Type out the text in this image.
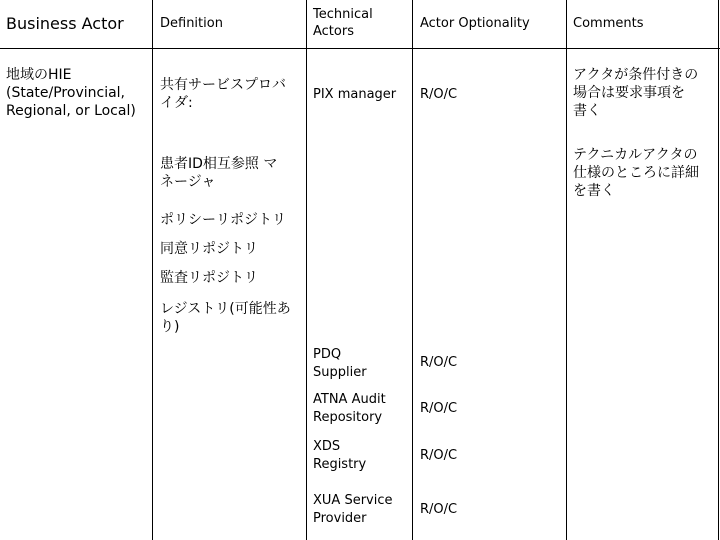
Business Actor	Definition
Technical
Actors
Actor Optionality	Comments
地域のHIE
(State/Provincial,
Regional, or Local)
共有サービスプロバ
イダ:
患者ID相互参照 マ
ネージャ
ポリシーリポジトリ
同意リポジトリ
監査リポジトリ
レジストリ(可能性あ
り)
PIX manager R/O/C
PDQ
Supplier
R/O/C
ATNA Audit
Repository
R/O/C
XDS
Registry
R/O/C
XUA Service
Provider
R/O/C
アクタが条件付きの
場合は要求事項を
書く
テクニカルアクタの
仕様のところに詳細
を書く
